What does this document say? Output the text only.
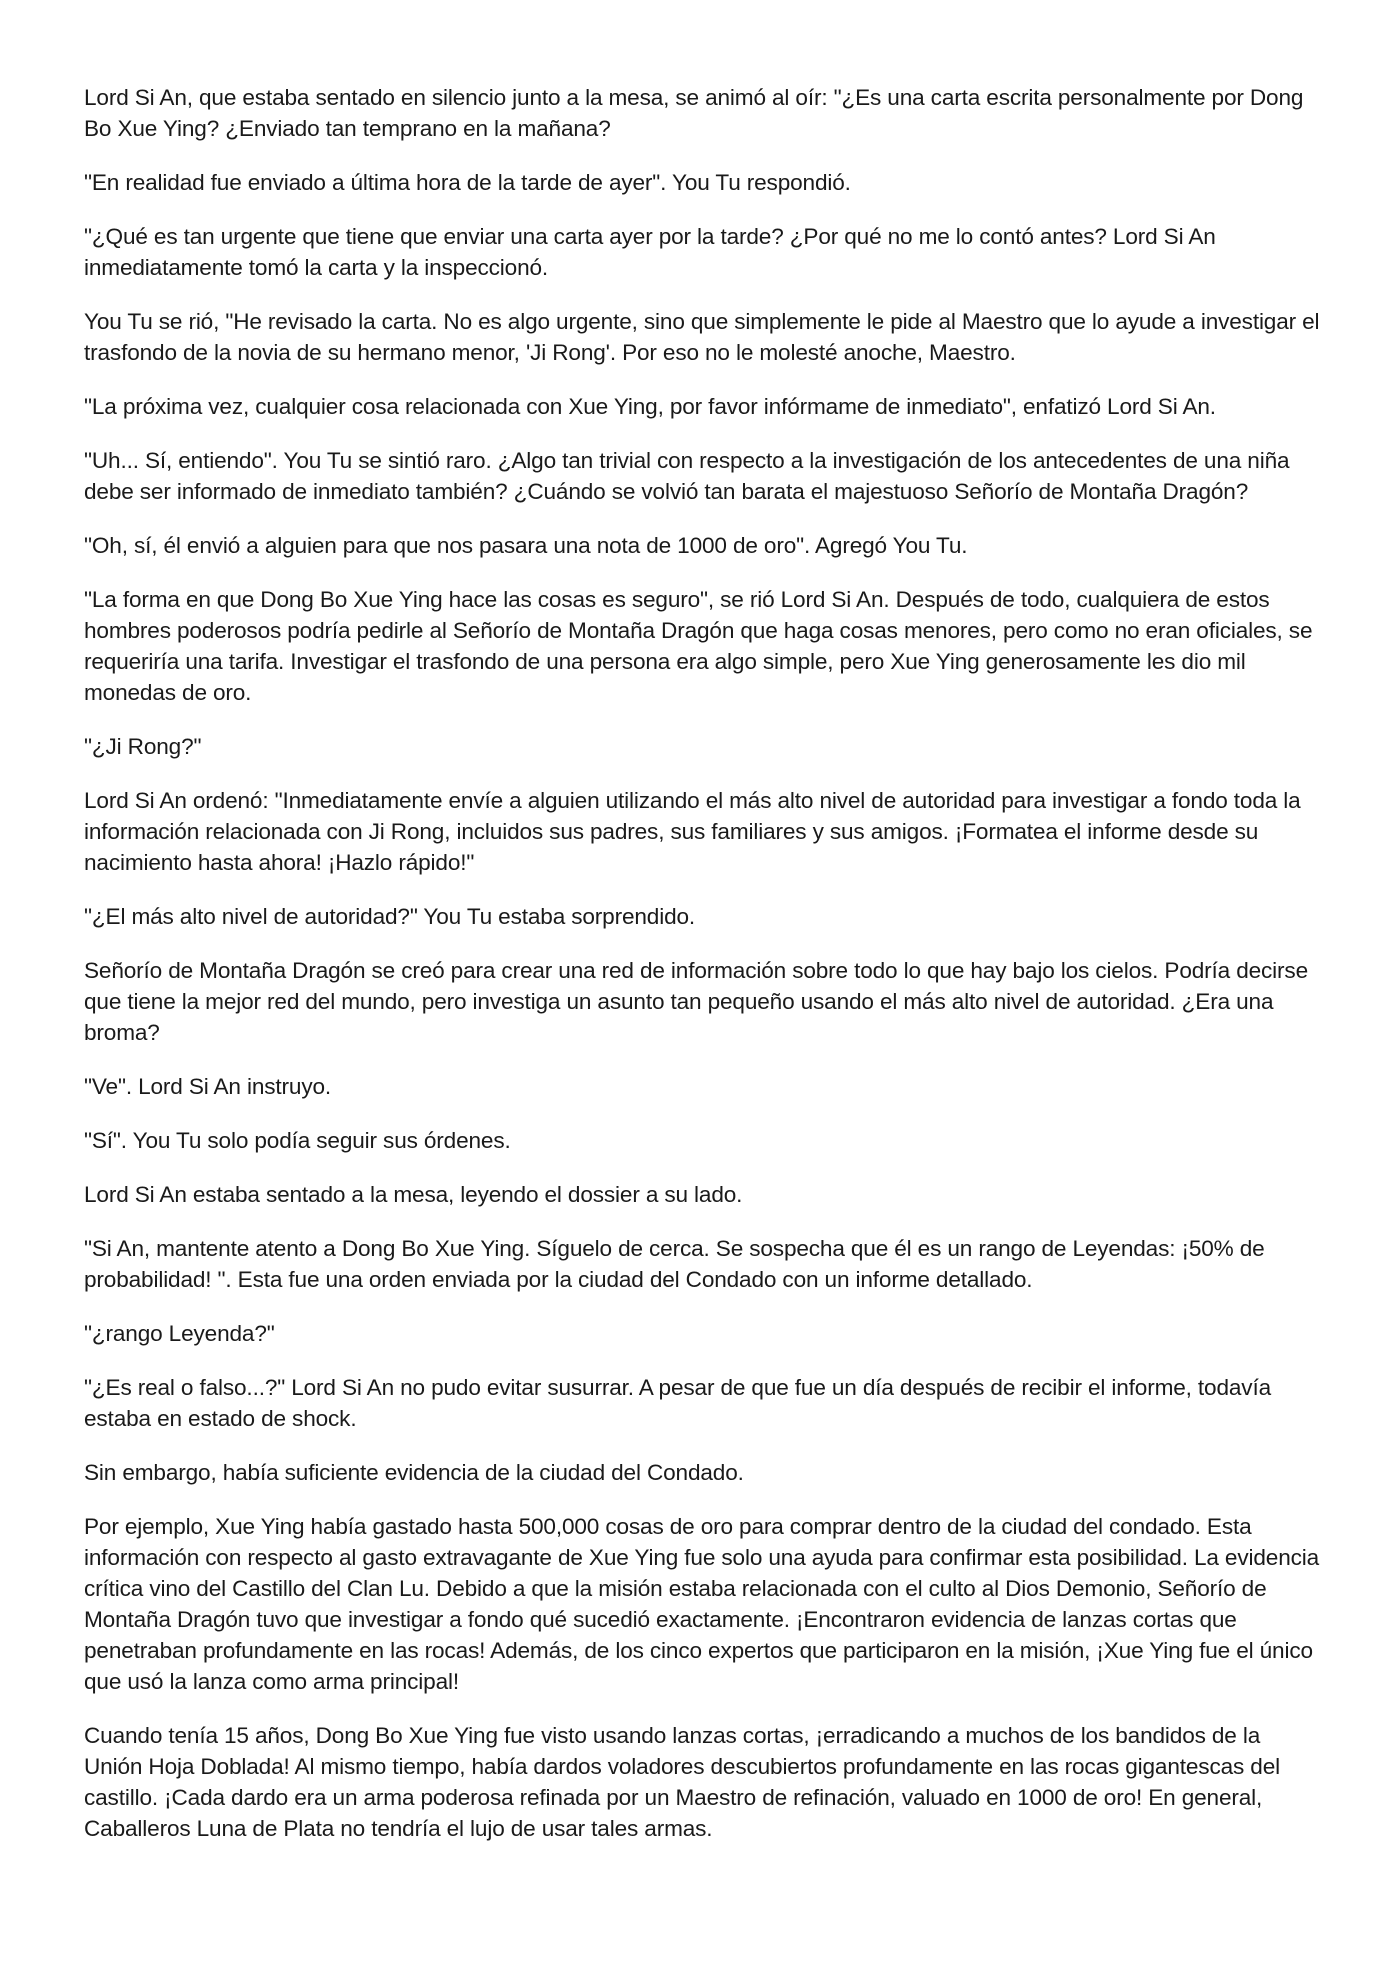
Lord Si An, que estaba sentado en silencio junto a la mesa, se animó al oír: "¿Es una carta escrita personalmente por Dong Bo Xue Ying? ¿Enviado tan temprano en la mañana?

"En realidad fue enviado a última hora de la tarde de ayer". You Tu respondió.

"¿Qué es tan urgente que tiene que enviar una carta ayer por la tarde? ¿Por qué no me lo contó antes? Lord Si An inmediatamente tomó la carta y la inspeccionó.

You Tu se rió, "He revisado la carta. No es algo urgente, sino que simplemente le pide al Maestro que lo ayude a investigar el trasfondo de la novia de su hermano menor, 'Ji Rong'. Por eso no le molesté anoche, Maestro.

"La próxima vez, cualquier cosa relacionada con Xue Ying, por favor infórmame de inmediato", enfatizó Lord Si An.

"Uh... Sí, entiendo". You Tu se sintió raro. ¿Algo tan trivial con respecto a la investigación de los antecedentes de una niña debe ser informado de inmediato también? ¿Cuándo se volvió tan barata el majestuoso Señorío de Montaña Dragón?

"Oh, sí, él envió a alguien para que nos pasara una nota de 1000 de oro". Agregó You Tu.

"La forma en que Dong Bo Xue Ying hace las cosas es seguro", se rió Lord Si An. Después de todo, cualquiera de estos hombres poderosos podría pedirle al Señorío de Montaña Dragón que haga cosas menores, pero como no eran oficiales, se requeriría una tarifa. Investigar el trasfondo de una persona era algo simple, pero Xue Ying generosamente les dio mil monedas de oro.

"¿Ji Rong?"

Lord Si An ordenó: "Inmediatamente envíe a alguien utilizando el más alto nivel de autoridad para investigar a fondo toda la información relacionada con Ji Rong, incluidos sus padres, sus familiares y sus amigos. ¡Formatea el informe desde su nacimiento hasta ahora! ¡Hazlo rápido!"

"¿El más alto nivel de autoridad?" You Tu estaba sorprendido.

Señorío de Montaña Dragón se creó para crear una red de información sobre todo lo que hay bajo los cielos. Podría decirse que tiene la mejor red del mundo, pero investiga un asunto tan pequeño usando el más alto nivel de autoridad. ¿Era una broma?

"Ve". Lord Si An instruyo.

"Sí". You Tu solo podía seguir sus órdenes.

Lord Si An estaba sentado a la mesa, leyendo el dossier a su lado.

"Si An, mantente atento a Dong Bo Xue Ying. Síguelo de cerca. Se sospecha que él es un rango de Leyendas: ¡50% de probabilidad! ". Esta fue una orden enviada por la ciudad del Condado con un informe detallado.

"¿rango Leyenda?"

"¿Es real o falso...?" Lord Si An no pudo evitar susurrar. A pesar de que fue un día después de recibir el informe, todavía estaba en estado de shock.

Sin embargo, había suficiente evidencia de la ciudad del Condado.

Por ejemplo, Xue Ying había gastado hasta 500,000 cosas de oro para comprar dentro de la ciudad del condado. Esta información con respecto al gasto extravagante de Xue Ying fue solo una ayuda para confirmar esta posibilidad. La evidencia crítica vino del Castillo del Clan Lu. Debido a que la misión estaba relacionada con el culto al Dios Demonio, Señorío de Montaña Dragón tuvo que investigar a fondo qué sucedió exactamente. ¡Encontraron evidencia de lanzas cortas que penetraban profundamente en las rocas! Además, de los cinco expertos que participaron en la misión, ¡Xue Ying fue el único que usó la lanza como arma principal!

Cuando tenía 15 años, Dong Bo Xue Ying fue visto usando lanzas cortas, ¡erradicando a muchos de los bandidos de la Unión Hoja Doblada! Al mismo tiempo, había dardos voladores descubiertos profundamente en las rocas gigantescas del castillo. ¡Cada dardo era un arma poderosa refinada por un Maestro de refinación, valuado en 1000 de oro! En general, Caballeros Luna de Plata no tendría el lujo de usar tales armas.
